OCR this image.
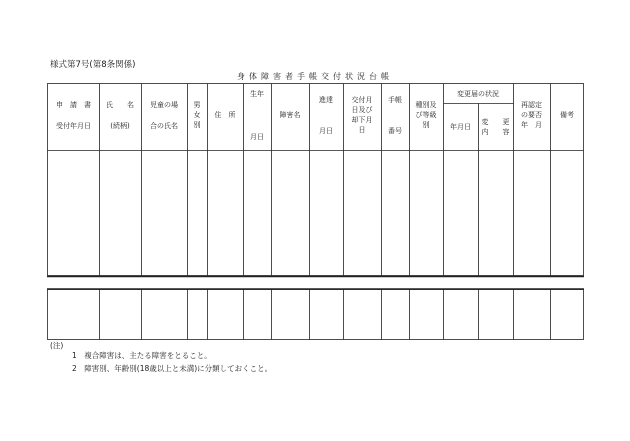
様式第7号(第8条関係)
身体障害者手帳交付状況台帳
申　請　書
受付年月日
氏　　名
(続柄)
児童の場
合の氏名
男
女
別
住　所
生年
月日
障害名
進達
月日
交付月
日及び
却下月
日
手帳
番号
種別及
び等級
別
変更届の状況
年月日
変　　更
内　　容
再認定
の要否
年　月
備考
(注)
1　複合障害は、主たる障害をとること。
2　障害別、年齢別(18歳以上と未満)に分類しておくこと。
